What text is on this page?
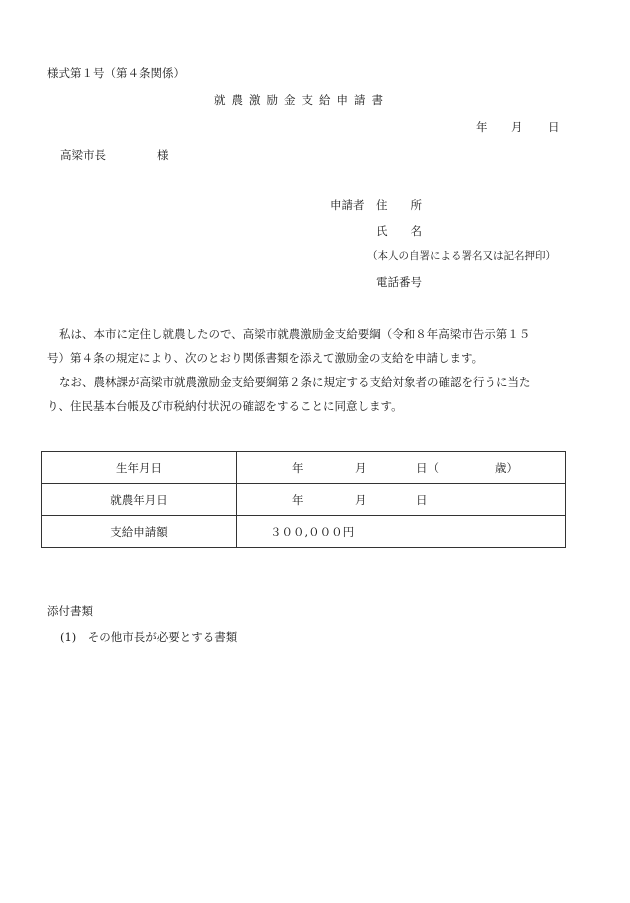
様式第１号（第４条関係）
就農激励金支給申請書
年 月 日
高梁市長	様
申請者 住　　所
氏　　名
（本人の自署による署名又は記名押印）
電話番号
私は、本市に定住し就農したので、高梁市就農激励金支給要綱（令和８年高梁市告示第１５
号）第４条の規定により、次のとおり関係書類を添えて激励金の支給を申請します。
なお、農林課が高梁市就農激励金支給要綱第２条に規定する支給対象者の確認を行うに当た
り、住民基本台帳及び市税納付状況の確認をすることに同意します。
生年月日	年 月 日（ 歳）

就農年月日	年 月 日

支給申請額	３００,０００円
添付書類
(1)　その他市長が必要とする書類
